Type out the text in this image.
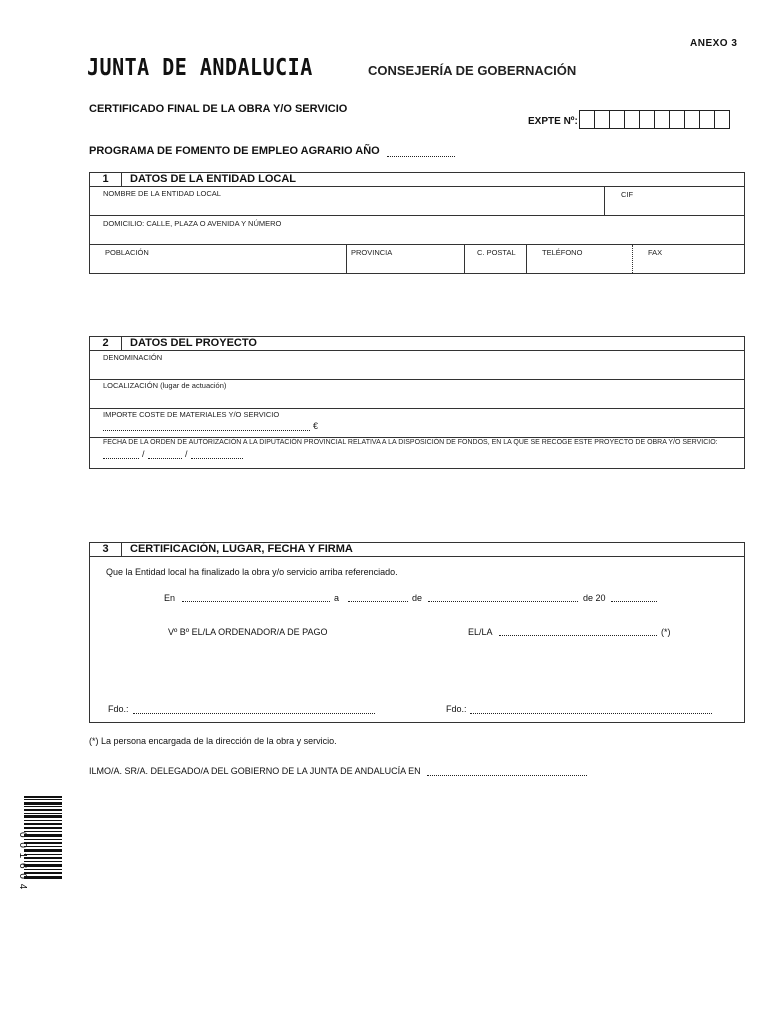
ANEXO 3
JUNTA DE ANDALUCIA	CONSEJERÍA DE GOBERNACIÓN
CERTIFICADO FINAL DE LA OBRA Y/O SERVICIO
EXPTE Nº:
PROGRAMA DE FOMENTO DE EMPLEO AGRARIO AÑO
1	DATOS DE LA ENTIDAD LOCAL
NOMBRE DE LA ENTIDAD LOCAL	CIF
DOMICILIO: CALLE, PLAZA O AVENIDA Y NÚMERO
POBLACIÓN	PROVINCIA	C. POSTAL	TELÉFONO	FAX
2	DATOS DEL PROYECTO
DENOMINACIÓN
LOCALIZACIÓN (lugar de actuación)
IMPORTE COSTE DE MATERIALES Y/O SERVICIO
€
FECHA DE LA ORDEN DE AUTORIZACIÓN A LA DIPUTACIÓN PROVINCIAL RELATIVA A LA DISPOSICIÓN DE FONDOS, EN LA QUE SE RECOGE ESTE PROYECTO DE OBRA Y/O SERVICIO:
/	/
3	CERTIFICACIÓN, LUGAR, FECHA Y FIRMA
Que la Entidad local ha finalizado la obra y/o servicio arriba referenciado.
En	a	de	de 20
Vº Bº EL/LA ORDENADOR/A DE PAGO	EL/LA	(*)
Fdo.:	Fdo.:
(*) La persona encargada de la dirección de la obra y servicio.
ILMO/A. SR/A. DELEGADO/A DEL GOBIERNO DE LA JUNTA DE ANDALUCÍA EN
0 0 1 6 0 4
